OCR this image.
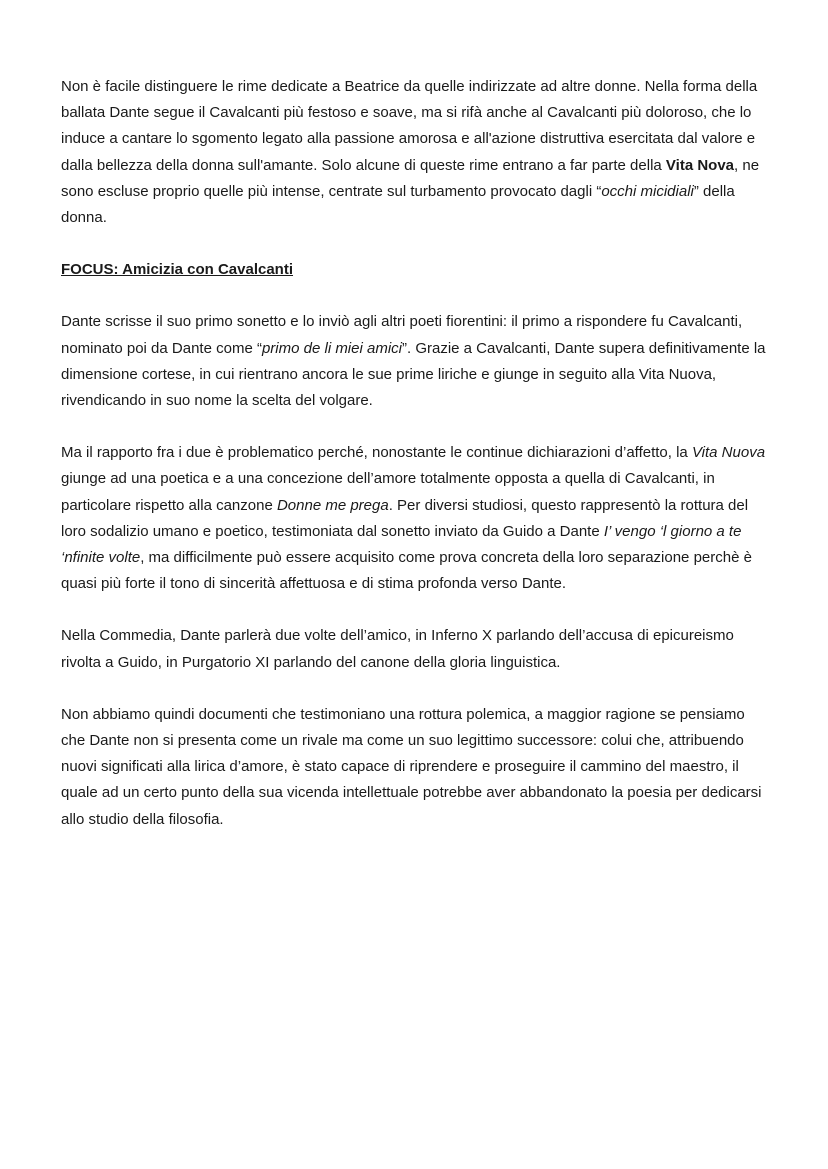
Non è facile distinguere le rime dedicate a Beatrice da quelle indirizzate ad altre donne. Nella forma della ballata Dante segue il Cavalcanti più festoso e soave, ma si rifà anche al Cavalcanti più doloroso, che lo induce a cantare lo sgomento legato alla passione amorosa e all'azione distruttiva esercitata dal valore e dalla bellezza della donna sull'amante. Solo alcune di queste rime entrano a far parte della Vita Nova, ne sono escluse proprio quelle più intense, centrate sul turbamento provocato dagli “occhi micidiali” della donna.

FOCUS: Amicizia con Cavalcanti

Dante scrisse il suo primo sonetto e lo inviò agli altri poeti fiorentini: il primo a rispondere fu Cavalcanti, nominato poi da Dante come “primo de li miei amici”. Grazie a Cavalcanti, Dante supera definitivamente la dimensione cortese, in cui rientrano ancora le sue prime liriche e giunge in seguito alla Vita Nuova, rivendicando in suo nome la scelta del volgare.

Ma il rapporto fra i due è problematico perché, nonostante le continue dichiarazioni d’affetto, la Vita Nuova giunge ad una poetica e a una concezione dell’amore totalmente opposta a quella di Cavalcanti, in particolare rispetto alla canzone Donne me prega. Per diversi studiosi, questo rappresentò la rottura del loro sodalizio umano e poetico, testimoniata dal sonetto inviato da Guido a Dante I’ vengo ‘l giorno a te ‘nfinite volte, ma difficilmente può essere acquisito come prova concreta della loro separazione perchè è quasi più forte il tono di sincerità affettuosa e di stima profonda verso Dante.

Nella Commedia, Dante parlerà due volte dell’amico, in Inferno X parlando dell’accusa di epicureismo rivolta a Guido, in Purgatorio XI parlando del canone della gloria linguistica.

Non abbiamo quindi documenti che testimoniano una rottura polemica, a maggior ragione se pensiamo che Dante non si presenta come un rivale ma come un suo legittimo successore: colui che, attribuendo nuovi significati alla lirica d’amore, è stato capace di riprendere e proseguire il cammino del maestro, il quale ad un certo punto della sua vicenda intellettuale potrebbe aver abbandonato la poesia per dedicarsi allo studio della filosofia.
